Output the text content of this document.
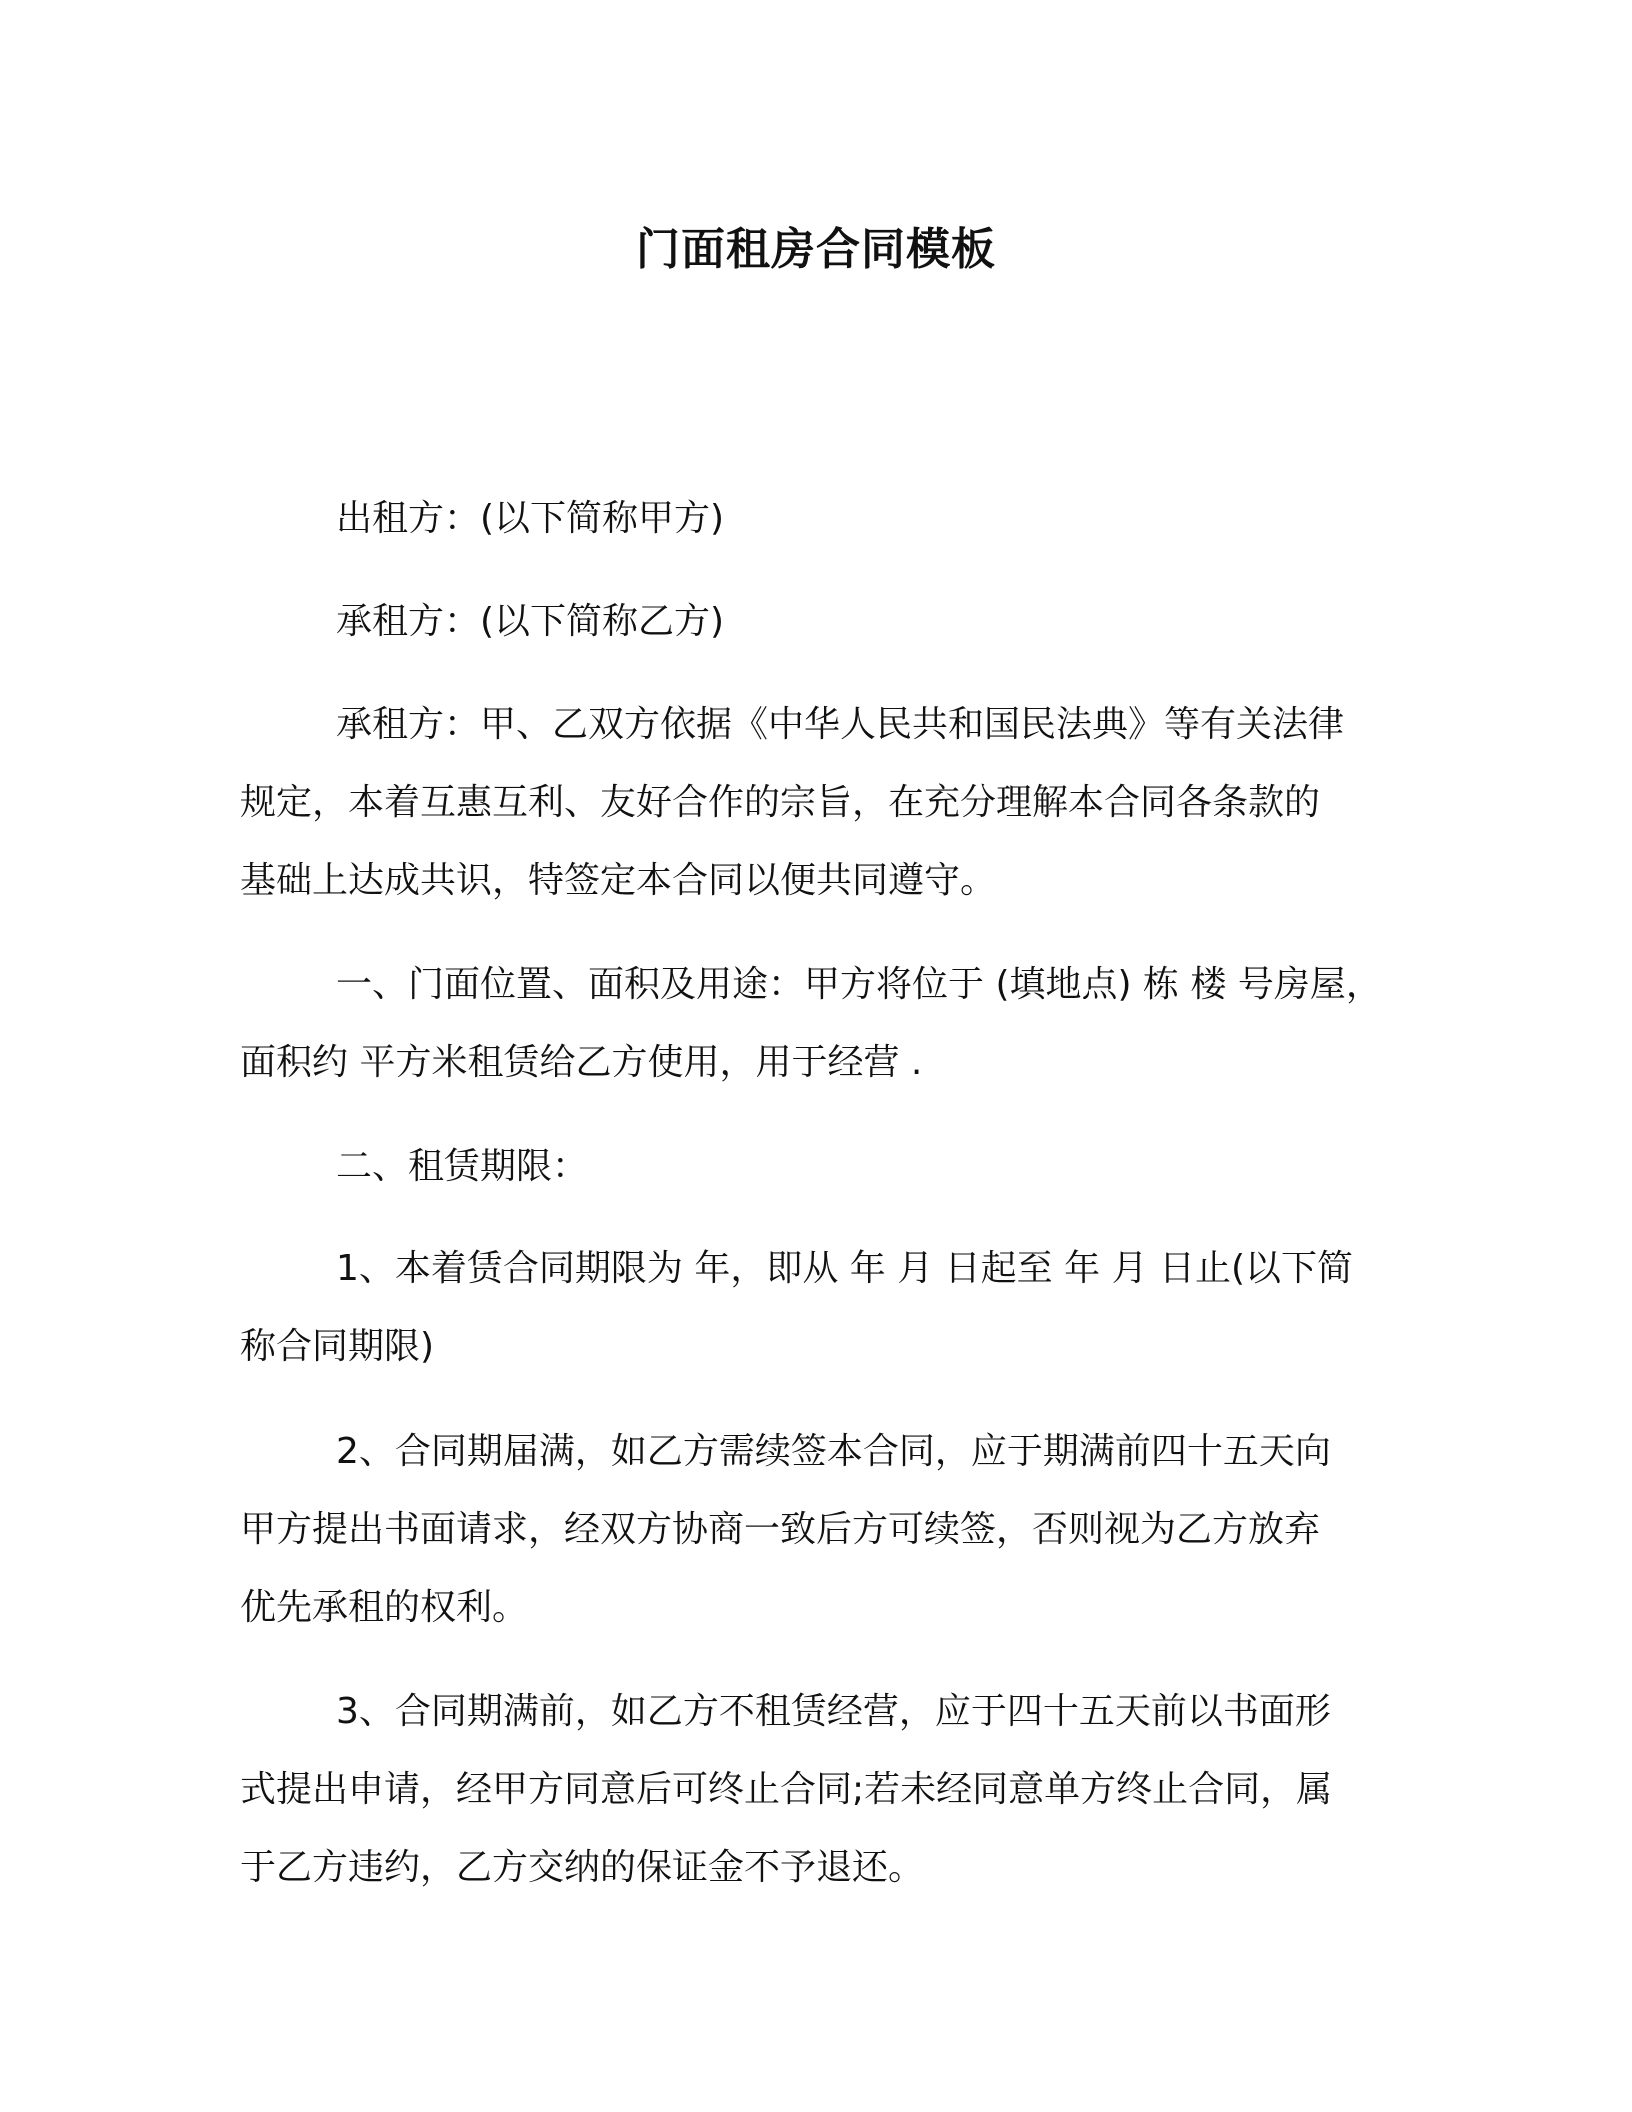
门面租房合同模板
出租方：(以下简称甲方)
承租方：(以下简称乙方)
承租方：甲、乙双方依据《中华人民共和国民法典》等有关法律
规定，本着互惠互利、友好合作的宗旨，在充分理解本合同各条款的
基础上达成共识，特签定本合同以便共同遵守。
一、门面位置、面积及用途：甲方将位于 (填地点) 栋 楼 号房屋，
面积约 平方米租赁给乙方使用，用于经营 .
二、租赁期限：
1、本着赁合同期限为 年，即从 年 月 日起至 年 月 日止(以下简
称合同期限)
2、合同期届满，如乙方需续签本合同，应于期满前四十五天向
甲方提出书面请求，经双方协商一致后方可续签，否则视为乙方放弃
优先承租的权利。
3、合同期满前，如乙方不租赁经营，应于四十五天前以书面形
式提出申请，经甲方同意后可终止合同;若未经同意单方终止合同，属
于乙方违约，乙方交纳的保证金不予退还。
